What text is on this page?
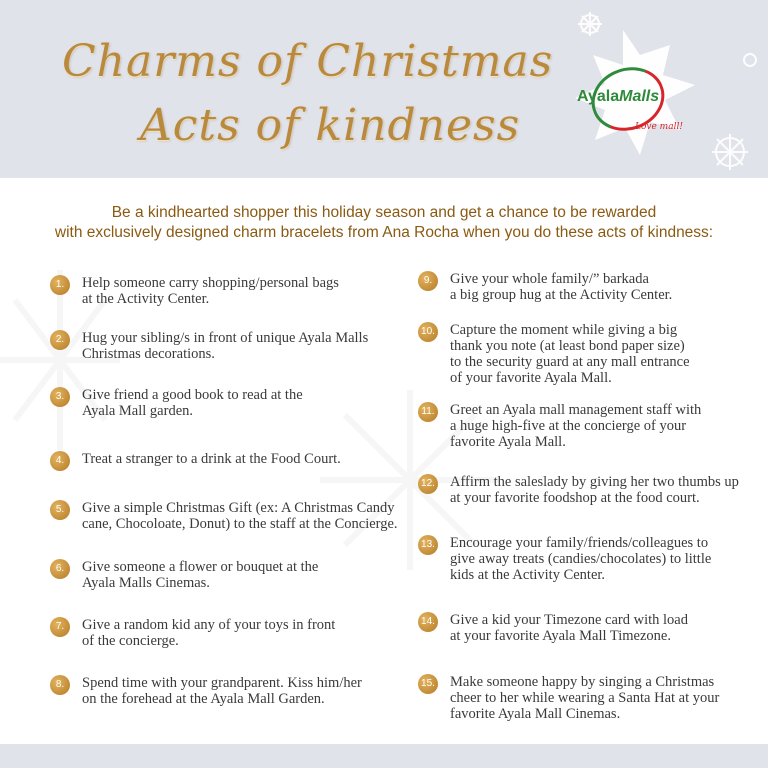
Charms of Christmas
Acts of kindness
AyalaMalls
Love mall!
Be a kindhearted shopper this holiday season and get a chance to be rewarded
with exclusively designed charm bracelets from Ana Rocha when you do these acts of kindness:
1.	Help someone carry shopping/personal bags
at the Activity Center.
2.	Hug your sibling/s in front of unique Ayala Malls
Christmas decorations.
3.	Give friend a good book to read at the
Ayala Mall garden.
4.	Treat a stranger to a drink at the Food Court.
5.	Give a simple Christmas Gift (ex: A Christmas Candy
cane, Chocoloate, Donut) to the staff at the Concierge.
6.	Give someone a flower or bouquet at the
Ayala Malls Cinemas.
7.	Give a random kid any of your toys in front
of the concierge.
8.	Spend time with your grandparent. Kiss him/her
on the forehead at the Ayala Mall Garden.
9.	Give your whole family/” barkada
a big group hug at the Activity Center.
10. Capture the moment while giving a big
thank you note (at least bond paper size)
to the security guard at any mall entrance
of your favorite Ayala Mall.
11. Greet an Ayala mall management staff with
a huge high-five at the concierge of your
favorite Ayala Mall.
12. Affirm the saleslady by giving her two thumbs up
at your favorite foodshop at the food court.
13. Encourage your family/friends/colleagues to
give away treats (candies/chocolates) to little
kids at the Activity Center.
14. Give a kid your Timezone card with load
at your favorite Ayala Mall Timezone.
15. Make someone happy by singing a Christmas
cheer to her while wearing a Santa Hat at your
favorite Ayala Mall Cinemas.
